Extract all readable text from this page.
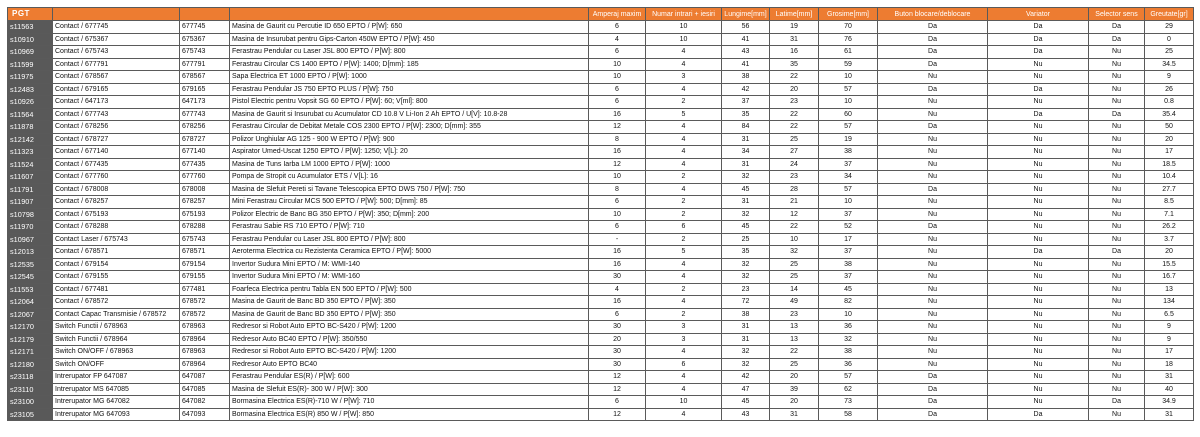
PGT				Amperaj maxim	Numar intrari + iesiri	Lungime[mm]	Latime[mm]	Grosime[mm]	Buton blocare/deblocare	Variator	Selector sens	Greutate[gr]
s11563	Contact / 677745	677745	Masina de Gaurit cu Percutie ID 650 EPTO / P[W]: 650	6	10	56	19	70	Da	Da	Da	29
s10910	Contact / 675367	675367	Masina de Insurubat pentru Gips-Carton 450W EPTO / P[W]: 450	4	10	41	31	76	Da	Da	Da	0
s10969	Contact / 675743	675743	Ferastrau Pendular cu Laser JSL 800 EPTO / P[W]: 800	6	4	43	16	61	Da	Da	Nu	25
s11599	Contact / 677791	677791	Ferastrau Circular CS 1400 EPTO / P[W]: 1400; D[mm]: 185	10	4	41	35	59	Da	Nu	Nu	34.5
s11975	Contact / 678567	678567	Sapa Electrica ET 1000 EPTO / P[W]: 1000	10	3	38	22	10	Nu	Nu	Nu	9
s12483	Contact / 679165	679165	Ferastrau Pendular JS 750 EPTO PLUS / P[W]: 750	6	4	42	20	57	Da	Da	Nu	26
s10926	Contact / 647173	647173	Pistol Electric pentru Vopsit SG 60 EPTO / P[W]: 60; V[ml]: 800	6	2	37	23	10	Nu	Nu	Nu	0.8
s11564	Contact / 677743	677743	Masina de Gaurit si Insurubat cu Acumulator CD 10.8 V Li-Ion 2 Ah EPTO / U[V]: 10.8-28	16	5	35	22	60	Nu	Da	Da	35.4
s11878	Contact / 678256	678256	Ferastrau Circular de Debitat Metale COS 2300 EPTO / P[W]: 2300; D[mm]: 355	12	4	84	22	57	Da	Nu	Nu	50
s12142	Contact / 678727	678727	Polizor Unghiular AG 125 - 900 W EPTO / P[W]: 900	8	4	31	25	19	Nu	Nu	Nu	20
s11323	Contact / 677140	677140	Aspirator Umed-Uscat 1250 EPTO / P[W]: 1250; V[L]: 20	16	4	34	27	38	Nu	Nu	Nu	17
s11524	Contact / 677435	677435	Masina de Tuns Iarba LM 1000 EPTO / P[W]: 1000	12	4	31	24	37	Nu	Nu	Nu	18.5
s11607	Contact / 677760	677760	Pompa de Stropit cu Acumulator ETS / V[L]: 16	10	2	32	23	34	Nu	Nu	Nu	10.4
s11791	Contact / 678008	678008	Masina de Slefuit Pereti si Tavane Telescopica EPTO DWS 750 / P[W]: 750	8	4	45	28	57	Da	Nu	Nu	27.7
s11907	Contact / 678257	678257	Mini Ferastrau Circular MCS 500 EPTO / P[W]: 500; D[mm]: 85	6	2	31	21	10	Nu	Nu	Nu	8.5
s10798	Contact / 675193	675193	Polizor Electric de Banc BG 350 EPTO / P[W]: 350; D[mm]: 200	10	2	32	12	37	Nu	Nu	Nu	7.1
s11970	Contact / 678288	678288	Ferastrau Sabie RS 710 EPTO / P[W]: 710	6	6	45	22	52	Da	Nu	Nu	26.2
s10967	Contact Laser / 675743	675743	Ferastrau Pendular cu Laser JSL 800 EPTO / P[W]: 800	-	2	25	10	17	Nu	Nu	Nu	3.7
s12013	Contact / 678571	678571	Aeroterma Electrica cu Rezistenta Ceramica EPTO / P[W]: 5000	16	5	35	32	37	Nu	Da	Da	20
s12535	Contact / 679154	679154	Invertor Sudura Mini EPTO / M: WMI-140	16	4	32	25	38	Nu	Nu	Nu	15.5
s12545	Contact / 679155	679155	Invertor Sudura Mini EPTO / M: WMI-160	30	4	32	25	37	Nu	Nu	Nu	16.7
s11553	Contact / 677481	677481	Foarfeca Electrica pentru Tabla EN 500 EPTO / P[W]: 500	4	2	23	14	45	Nu	Nu	Nu	13
s12064	Contact / 678572	678572	Masina de Gaurit de Banc BD 350 EPTO / P[W]: 350	16	4	72	49	82	Nu	Nu	Nu	134
s12067	Contact Capac Transmisie / 678572	678572	Masina de Gaurit de Banc BD 350 EPTO / P[W]: 350	6	2	38	23	10	Nu	Nu	Nu	6.5
s12170	Switch Functii / 678963	678963	Redresor si Robot Auto EPTO BC-S420 / P[W]: 1200	30	3	31	13	36	Nu	Nu	Nu	9
s12179	Switch Functii / 678964	678964	Redresor Auto BC40 EPTO / P[W]: 350/550	20	3	31	13	32	Nu	Nu	Nu	9
s12171	Switch ON/OFF / 678963	678963	Redresor si Robot Auto EPTO BC-S420 / P[W]: 1200	30	4	32	22	38	Nu	Nu	Nu	17
s12180	Switch ON/OFF	678964	Redresor Auto EPTO BC40	30	6	32	25	36	Nu	Nu	Nu	18
s23118	Intrerupator FP 647087	647087	Ferastrau Pendular ES(R) / P[W]: 600	12	4	42	20	57	Da	Nu	Nu	31
s23110	Intrerupator MS 647085	647085	Masina de Slefuit ES(R)- 300 W / P[W]: 300	12	4	47	39	62	Da	Nu	Nu	40
s23100	Intrerupator MG 647082	647082	Bormasina Electrica ES(R)-710 W / P[W]: 710	6	10	45	20	73	Da	Nu	Da	34.9
s23105	Intrerupator MG 647093	647093	Bormasina Electrica ES(R) 850 W / P[W]: 850	12	4	43	31	58	Da	Da	Nu	31
